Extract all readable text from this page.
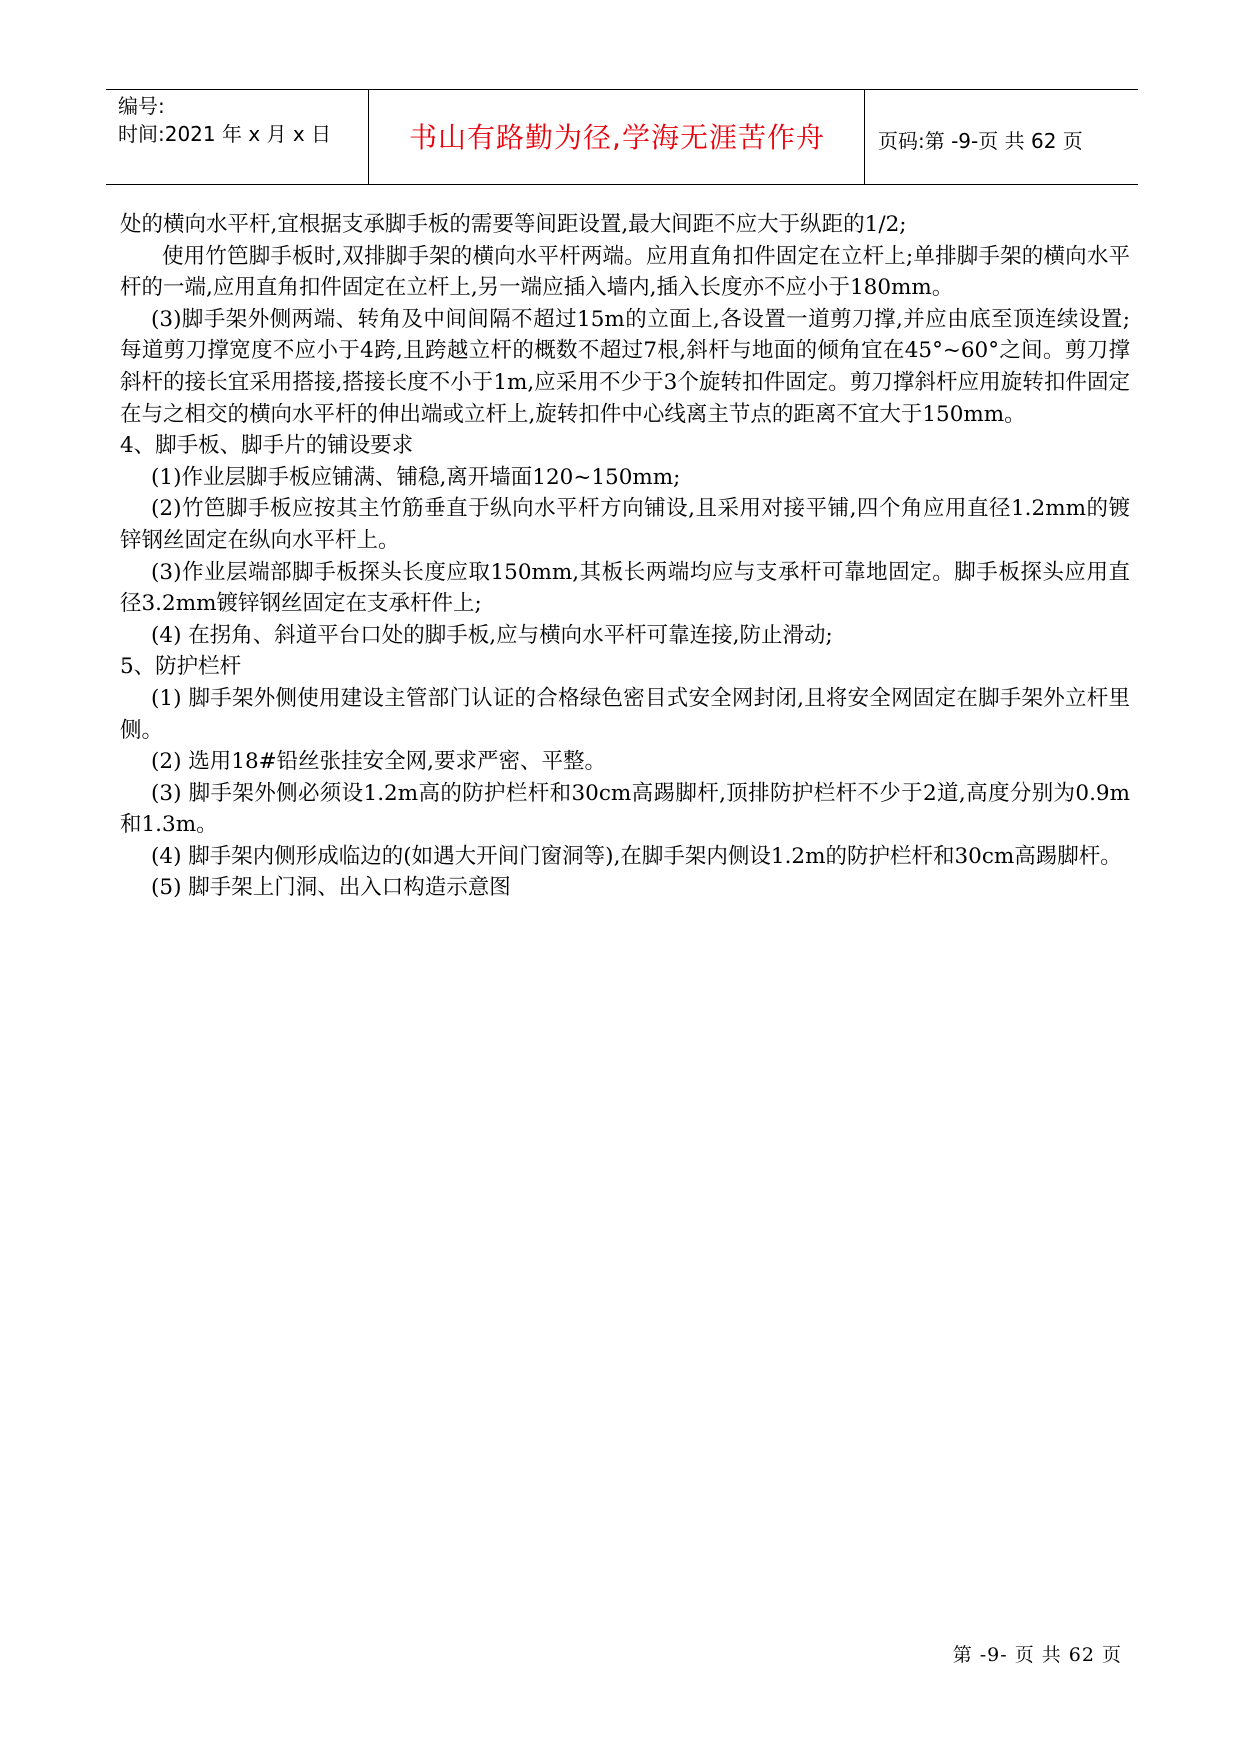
编号:
时间:2021 年 x 月 x 日	书山有路勤为径,学海无涯苦作舟	页码:第 -9-页 共 62 页

处的横向水平杆,宜根据支承脚手板的需要等间距设置,最大间距不应大于纵距的1/2;

使用竹笆脚手板时,双排脚手架的横向水平杆两端。应用直角扣件固定在立杆上;单排脚手架的横向水平杆的一端,应用直角扣件固定在立杆上,另一端应插入墙内,插入长度亦不应小于180mm。

(3)脚手架外侧两端、转角及中间间隔不超过15m的立面上,各设置一道剪刀撑,并应由底至顶连续设置;每道剪刀撑宽度不应小于4跨,且跨越立杆的概数不超过7根,斜杆与地面的倾角宜在45°~60°之间。剪刀撑斜杆的接长宜采用搭接,搭接长度不小于1m,应采用不少于3个旋转扣件固定。剪刀撑斜杆应用旋转扣件固定在与之相交的横向水平杆的伸出端或立杆上,旋转扣件中心线离主节点的距离不宜大于150mm。

4、脚手板、脚手片的铺设要求

(1)作业层脚手板应铺满、铺稳,离开墙面120~150mm;

(2)竹笆脚手板应按其主竹筋垂直于纵向水平杆方向铺设,且采用对接平铺,四个角应用直径1.2mm的镀锌钢丝固定在纵向水平杆上。

(3)作业层端部脚手板探头长度应取150mm,其板长两端均应与支承杆可靠地固定。脚手板探头应用直径3.2mm镀锌钢丝固定在支承杆件上;

(4) 在拐角、斜道平台口处的脚手板,应与横向水平杆可靠连接,防止滑动;

5、防护栏杆

(1) 脚手架外侧使用建设主管部门认证的合格绿色密目式安全网封闭,且将安全网固定在脚手架外立杆里侧。

(2) 选用18#铅丝张挂安全网,要求严密、平整。

(3) 脚手架外侧必须设1.2m高的防护栏杆和30cm高踢脚杆,顶排防护栏杆不少于2道,高度分别为0.9m和1.3m。

(4) 脚手架内侧形成临边的(如遇大开间门窗洞等),在脚手架内侧设1.2m的防护栏杆和30cm高踢脚杆。

(5) 脚手架上门洞、出入口构造示意图

第 -9- 页 共 62 页
